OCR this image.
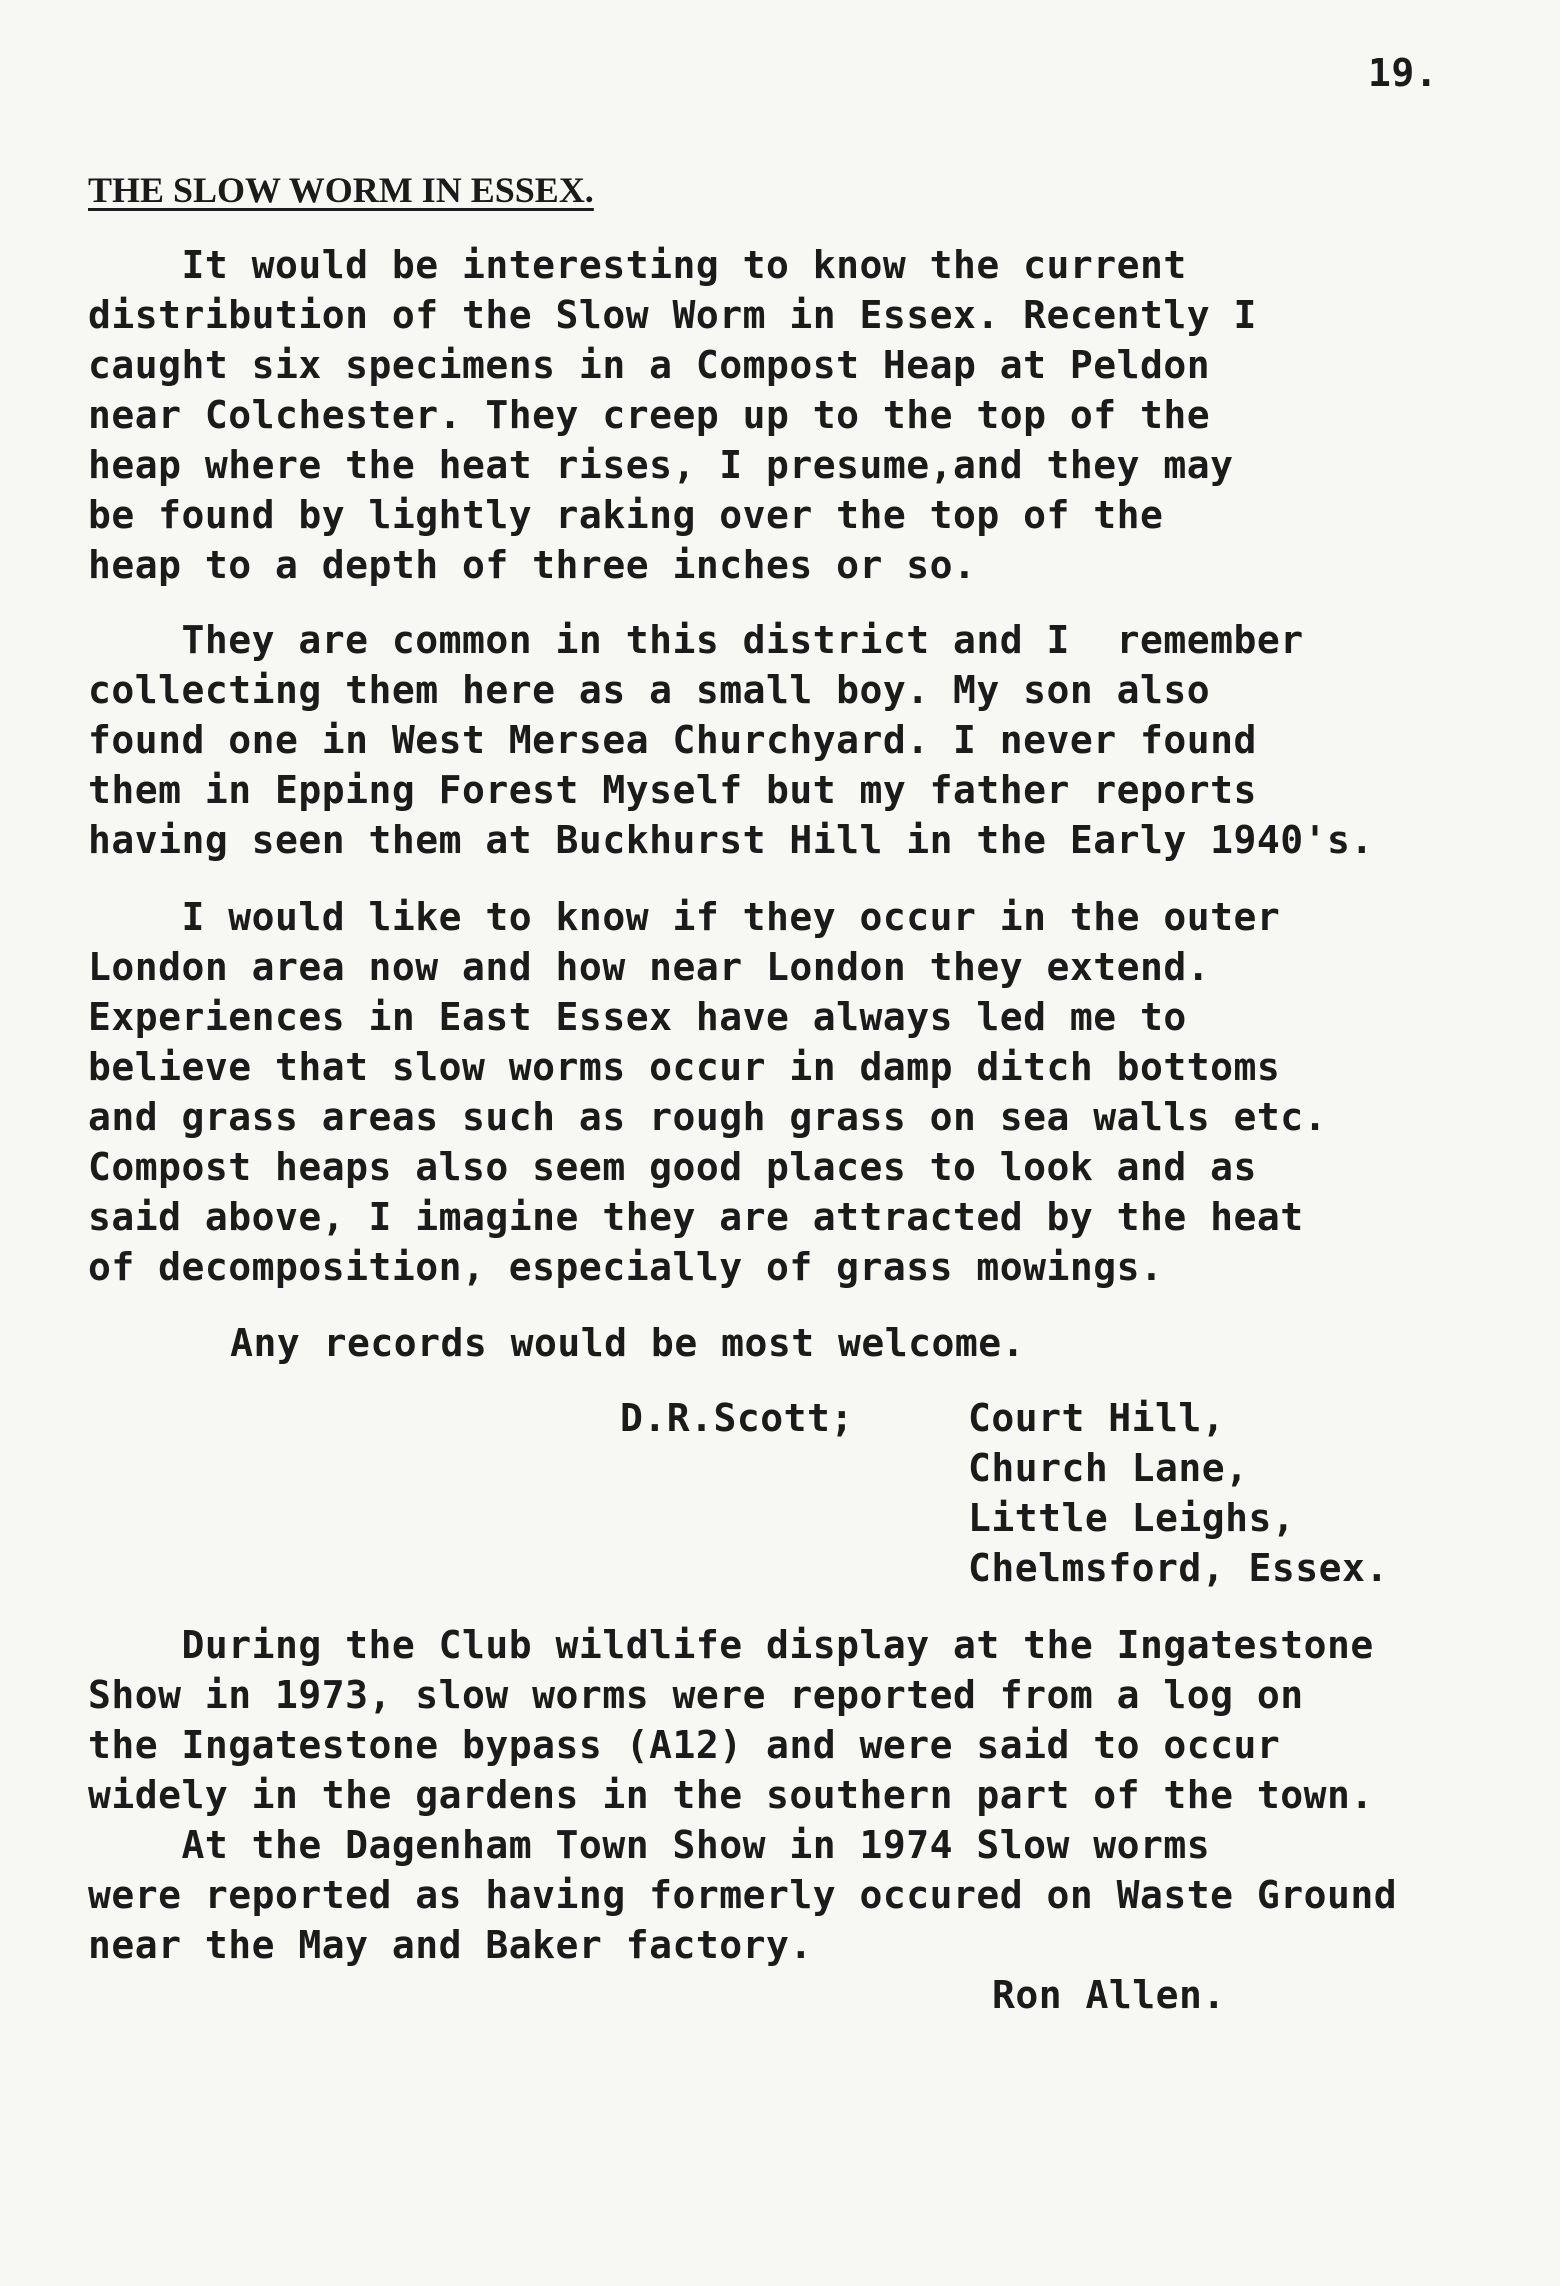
19.
THE SLOW WORM IN ESSEX.
It would be interesting to know the current
distribution of the Slow Worm in Essex. Recently I
caught six specimens in a Compost Heap at Peldon
near Colchester. They creep up to the top of the
heap where the heat rises, I presume,and they may
be found by lightly raking over the top of the
heap to a depth of three inches or so.
They are common in this district and I  remember
collecting them here as a small boy. My son also
found one in West Mersea Churchyard. I never found
them in Epping Forest Myself but my father reports
having seen them at Buckhurst Hill in the Early 1940's.
I would like to know if they occur in the outer
London area now and how near London they extend.
Experiences in East Essex have always led me to
believe that slow worms occur in damp ditch bottoms
and grass areas such as rough grass on sea walls etc.
Compost heaps also seem good places to look and as
said above, I imagine they are attracted by the heat
of decomposition, especially of grass mowings.
Any records would be most welcome.
D.R.Scott;	Court Hill,
Church Lane,
Little Leighs,
Chelmsford, Essex.
During the Club wildlife display at the Ingatestone
Show in 1973, slow worms were reported from a log on
the Ingatestone bypass (A12) and were said to occur
widely in the gardens in the southern part of the town.
At the Dagenham Town Show in 1974 Slow worms
were reported as having formerly occured on Waste Ground
near the May and Baker factory.
Ron Allen.
